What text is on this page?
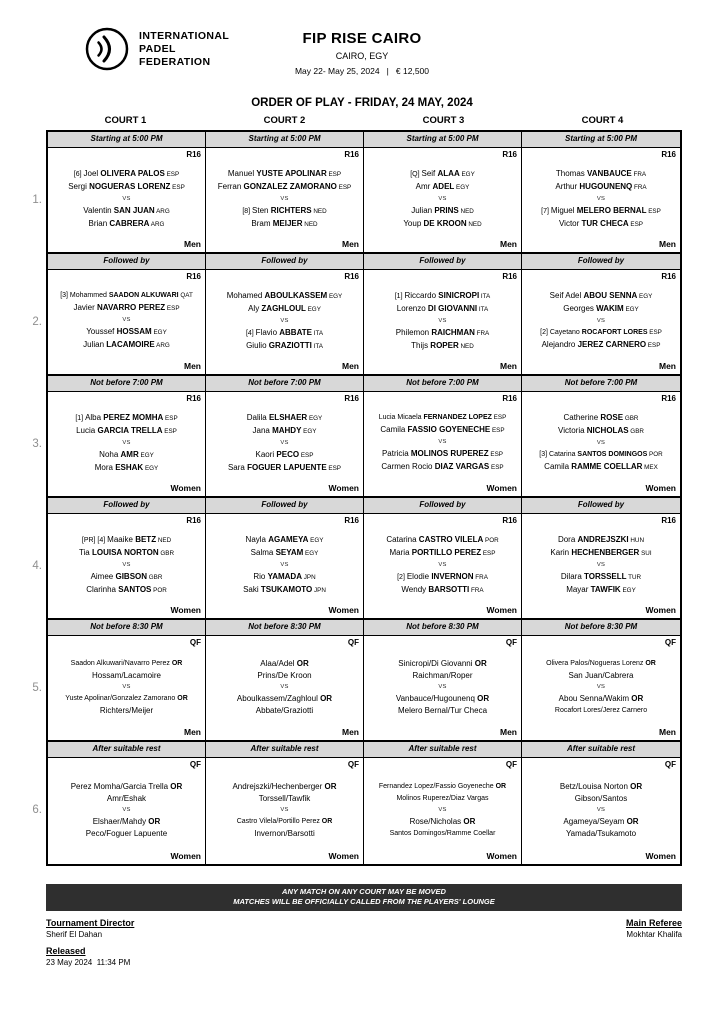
INTERNATIONAL
PADEL
FEDERATION
FIP RISE CAIRO
CAIRO, EGY
May 22- May 25, 2024   |   € 12,500
ORDER OF PLAY - FRIDAY, 24 MAY, 2024
COURT 1	COURT 2	COURT 3	COURT 4
Starting at 5:00 PM	Starting at 5:00 PM	Starting at 5:00 PM	Starting at 5:00 PM
R16
[6] Joel OLIVERA PALOS ESP
Sergi NOGUERAS LORENZ ESP
VS
Valentin SAN JUAN ARG
Brian CABRERA ARG
Men
R16
Manuel YUSTE APOLINAR ESP
Ferran GONZALEZ ZAMORANO ESP
VS
[8] Sten RICHTERS NED
Bram MEIJER NED
Men
R16
[Q] Seif ALAA EGY
Amr ADEL EGY
VS
Julian PRINS NED
Youp DE KROON NED
Men
R16
Thomas VANBAUCE FRA
Arthur HUGOUNENQ FRA
VS
[7] Miguel MELERO BERNAL ESP
Victor TUR CHECA ESP
Men
1.
Followed by	Followed by	Followed by	Followed by
R16
[3] Mohammed SAADON ALKUWARI QAT
Javier NAVARRO PEREZ ESP
VS
Youssef HOSSAM EGY
Julian LACAMOIRE ARG
Men
R16
Mohamed ABOULKASSEM EGY
Aly ZAGHLOUL EGY
VS
[4] Flavio ABBATE ITA
Giulio GRAZIOTTI ITA
Men
R16
[1] Riccardo SINICROPI ITA
Lorenzo DI GIOVANNI ITA
VS
Philemon RAICHMAN FRA
Thijs ROPER NED
Men
R16
Seif Adel ABOU SENNA EGY
Georges WAKIM EGY
VS
[2] Cayetano ROCAFORT LORES ESP
Alejandro JEREZ CARNERO ESP
Men
2.
Not before 7:00 PM	Not before 7:00 PM	Not before 7:00 PM	Not before 7:00 PM
R16
[1] Alba PEREZ MOMHA ESP
Lucia GARCIA TRELLA ESP
VS
Noha AMR EGY
Mora ESHAK EGY
Women
R16
Dalila ELSHAER EGY
Jana MAHDY EGY
VS
Kaori PECO ESP
Sara FOGUER LAPUENTE ESP
Women
R16
Lucia Micaela FERNANDEZ LOPEZ ESP
Camila FASSIO GOYENECHE ESP
VS
Patricia MOLINOS RUPEREZ ESP
Carmen Rocio DIAZ VARGAS ESP
Women
R16
Catherine ROSE GBR
Victoria NICHOLAS GBR
VS
[3] Catarina SANTOS DOMINGOS POR
Camila RAMME COELLAR MEX
Women
3.
Followed by	Followed by	Followed by	Followed by
R16
[PR] [4] Maaike BETZ NED
Tia LOUISA NORTON GBR
VS
Aimee GIBSON GBR
Clarinha SANTOS POR
Women
R16
Nayla AGAMEYA EGY
Salma SEYAM EGY
VS
Rio YAMADA JPN
Saki TSUKAMOTO JPN
Women
R16
Catarina CASTRO VILELA POR
Maria PORTILLO PEREZ ESP
VS
[2] Elodie INVERNON FRA
Wendy BARSOTTI FRA
Women
R16
Dora ANDREJSZKI HUN
Karin HECHENBERGER SUI
VS
Dilara TORSSELL TUR
Mayar TAWFIK EGY
Women
4.
Not before 8:30 PM	Not before 8:30 PM	Not before 8:30 PM	Not before 8:30 PM
QF
Saadon Alkuwari/Navarro Perez OR
Hossam/Lacamoire
VS
Yuste Apolinar/Gonzalez Zamorano OR
Richters/Meijer
Men
QF
Alaa/Adel OR
Prins/De Kroon
VS
Aboulkassem/Zaghloul OR
Abbate/Graziotti
Men
QF
Sinicropi/Di Giovanni OR
Raichman/Roper
VS
Vanbauce/Hugounenq OR
Melero Bernal/Tur Checa
Men
QF
Olivera Palos/Nogueras Lorenz OR
San Juan/Cabrera
VS
Abou Senna/Wakim OR
Rocafort Lores/Jerez Carnero
Men
5.
After suitable rest	After suitable rest	After suitable rest	After suitable rest
QF
Perez Momha/Garcia Trella OR
Amr/Eshak
VS
Elshaer/Mahdy OR
Peco/Foguer Lapuente
Women
QF
Andrejszki/Hechenberger OR
Torssell/Tawfik
VS
Castro Vilela/Portillo Perez OR
Invernon/Barsotti
Women
QF
Fernandez Lopez/Fassio Goyeneche OR
Molinos Ruperez/Diaz Vargas
VS
Rose/Nicholas OR
Santos Domingos/Ramme Coellar
Women
QF
Betz/Louisa Norton OR
Gibson/Santos
VS
Agameya/Seyam OR
Yamada/Tsukamoto
Women
6.
ANY MATCH ON ANY COURT MAY BE MOVED
MATCHES WILL BE OFFICIALLY CALLED FROM THE PLAYERS' LOUNGE
Tournament Director
Sherif El Dahan
Released
23 May 2024  11:34 PM
Main Referee
Mokhtar Khalifa
